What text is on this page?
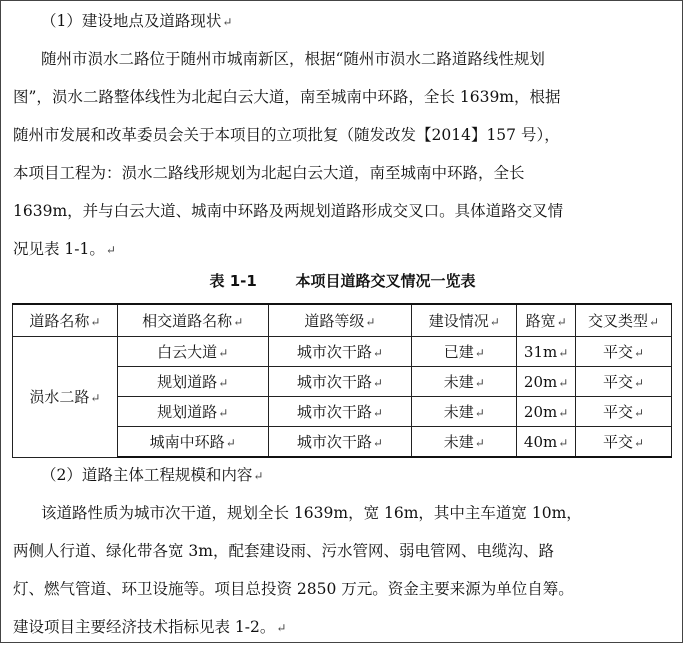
（1）建设地点及道路现状↵
随州市涢水二路位于随州市城南新区，根据“随州市涢水二路道路线性规划
图”，涢水二路整体线性为北起白云大道，南至城南中环路，全长 1639m，根据
随州市发展和改革委员会关于本项目的立项批复（随发改发【2014】157 号），
本项目工程为：涢水二路线形规划为北起白云大道，南至城南中环路，全长
1639m，并与白云大道、城南中环路及两规划道路形成交叉口。具体道路交叉情
况见表 1-1。↵
表 1-1	本项目道路交叉情况一览表
道路名称↵	相交道路名称↵	道路等级↵	建设情况↵	路宽↵	交叉类型↵
涢水二路↵	白云大道↵	城市次干路↵	已建↵	31m↵	平交↵
	规划道路↵	城市次干路↵	未建↵	20m↵	平交↵
	规划道路↵	城市次干路↵	未建↵	20m↵	平交↵
	城南中环路↵	城市次干路↵	未建↵	40m↵	平交↵
（2）道路主体工程规模和内容↵
该道路性质为城市次干道，规划全长 1639m，宽 16m，其中主车道宽 10m，
两侧人行道、绿化带各宽 3m，配套建设雨、污水管网、弱电管网、电缆沟、路
灯、燃气管道、环卫设施等。项目总投资 2850 万元。资金主要来源为单位自筹。
建设项目主要经济技术指标见表 1-2。↵
